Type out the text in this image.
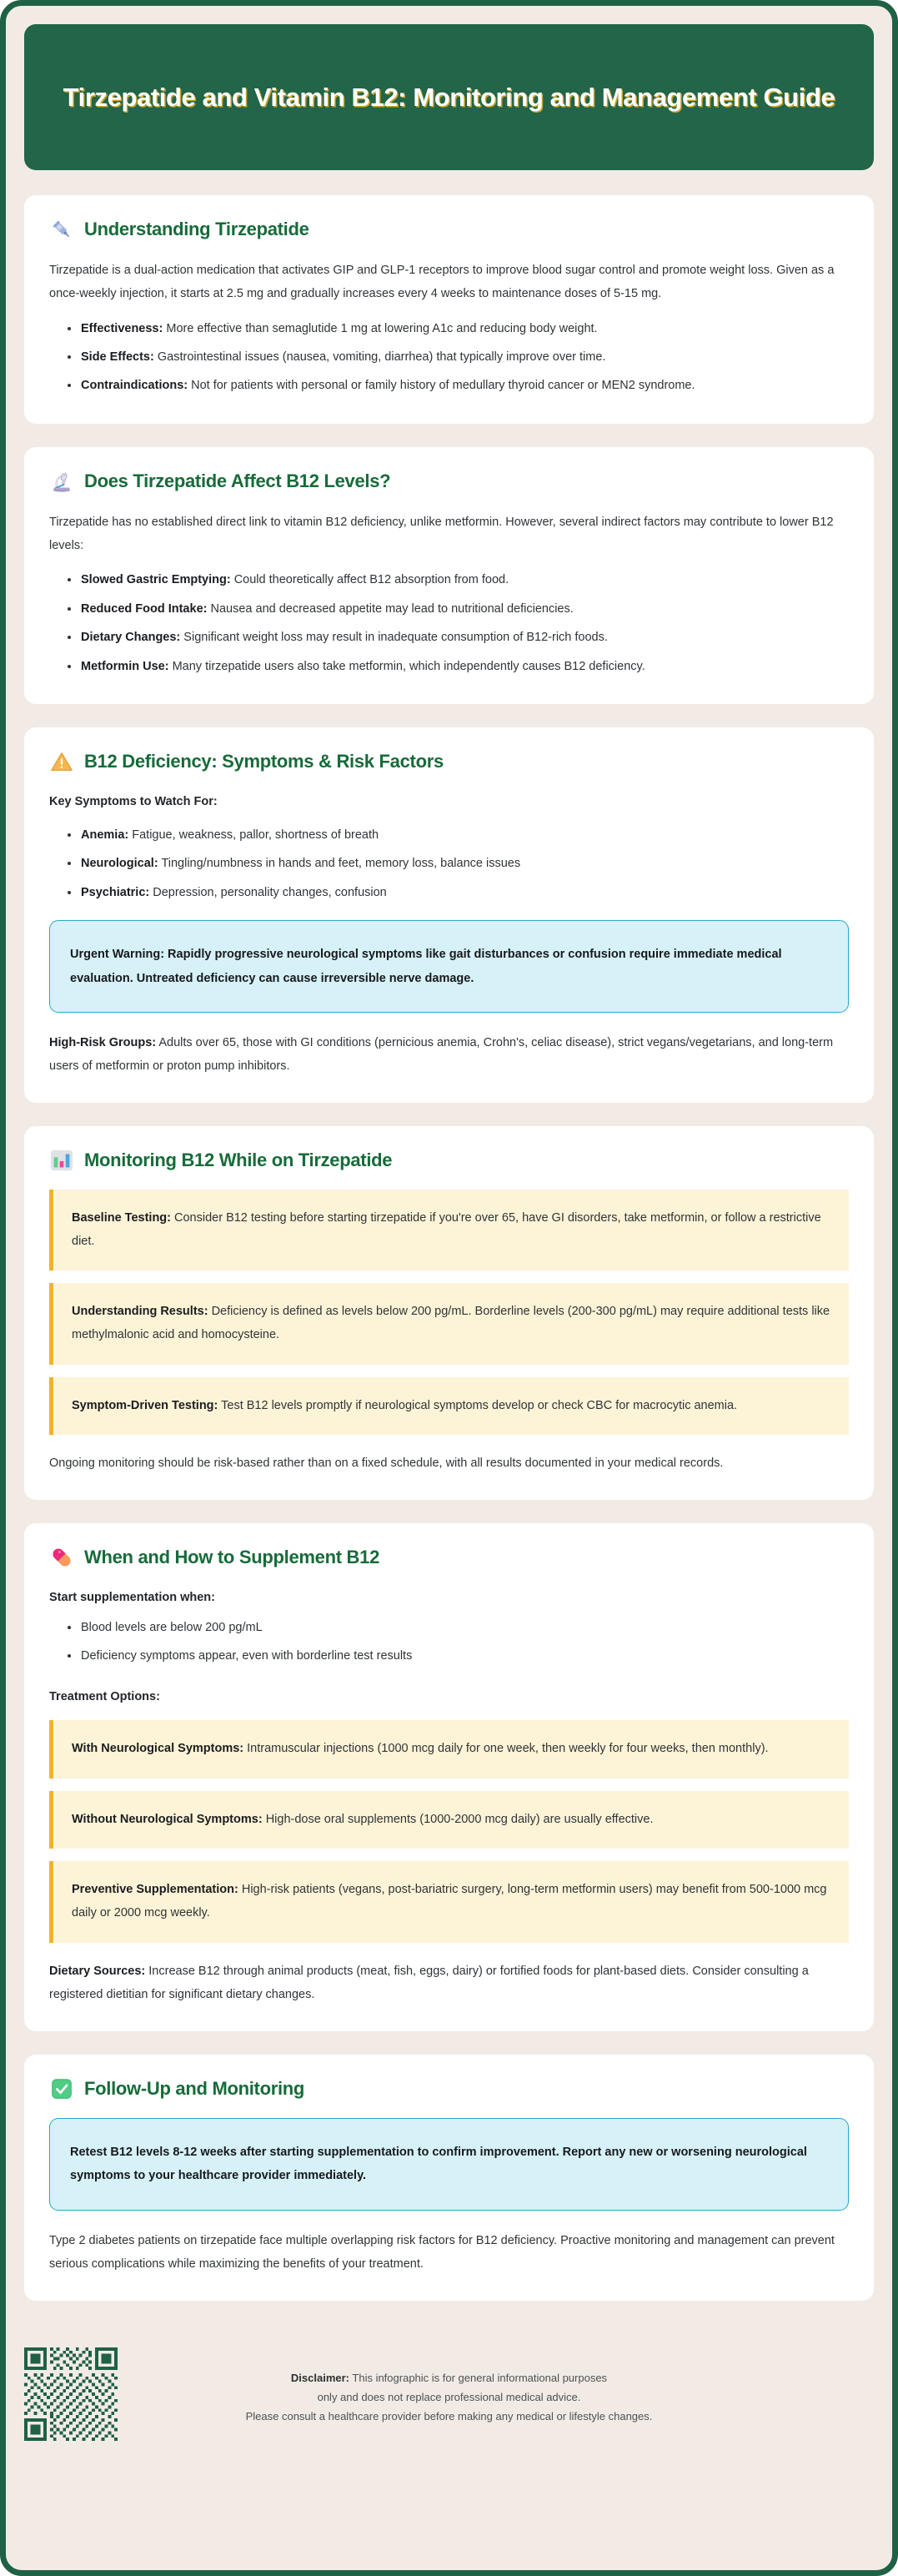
Tirzepatide and Vitamin B12: Monitoring and Management Guide
Understanding Tirzepatide

Tirzepatide is a dual-action medication that activates GIP and GLP-1 receptors to improve blood sugar control and promote weight loss. Given as a once-weekly injection, it starts at 2.5 mg and gradually increases every 4 weeks to maintenance doses of 5-15 mg.

Effectiveness: More effective than semaglutide 1 mg at lowering A1c and reducing body weight.
Side Effects: Gastrointestinal issues (nausea, vomiting, diarrhea) that typically improve over time.
Contraindications: Not for patients with personal or family history of medullary thyroid cancer or MEN2 syndrome.
Does Tirzepatide Affect B12 Levels?

Tirzepatide has no established direct link to vitamin B12 deficiency, unlike metformin. However, several indirect factors may contribute to lower B12 levels:

Slowed Gastric Emptying: Could theoretically affect B12 absorption from food.
Reduced Food Intake: Nausea and decreased appetite may lead to nutritional deficiencies.
Dietary Changes: Significant weight loss may result in inadequate consumption of B12-rich foods.
Metformin Use: Many tirzepatide users also take metformin, which independently causes B12 deficiency.
B12 Deficiency: Symptoms & Risk Factors
Key Symptoms to Watch For:
Anemia: Fatigue, weakness, pallor, shortness of breath
Neurological: Tingling/numbness in hands and feet, memory loss, balance issues
Psychiatric: Depression, personality changes, confusion
Urgent Warning: Rapidly progressive neurological symptoms like gait disturbances or confusion require immediate medical evaluation. Untreated deficiency can cause irreversible nerve damage.
High-Risk Groups: Adults over 65, those with GI conditions (pernicious anemia, Crohn's, celiac disease), strict vegans/vegetarians, and long-term users of metformin or proton pump inhibitors.
Monitoring B12 While on Tirzepatide
Baseline Testing: Consider B12 testing before starting tirzepatide if you're over 65, have GI disorders, take metformin, or follow a restrictive diet.
Understanding Results: Deficiency is defined as levels below 200 pg/mL. Borderline levels (200-300 pg/mL) may require additional tests like methylmalonic acid and homocysteine.
Symptom-Driven Testing: Test B12 levels promptly if neurological symptoms develop or check CBC for macrocytic anemia.
Ongoing monitoring should be risk-based rather than on a fixed schedule, with all results documented in your medical records.
When and How to Supplement B12
Start supplementation when:
Blood levels are below 200 pg/mL
Deficiency symptoms appear, even with borderline test results
Treatment Options:
With Neurological Symptoms: Intramuscular injections (1000 mcg daily for one week, then weekly for four weeks, then monthly).
Without Neurological Symptoms: High-dose oral supplements (1000-2000 mcg daily) are usually effective.
Preventive Supplementation: High-risk patients (vegans, post-bariatric surgery, long-term metformin users) may benefit from 500-1000 mcg daily or 2000 mcg weekly.
Dietary Sources: Increase B12 through animal products (meat, fish, eggs, dairy) or fortified foods for plant-based diets. Consider consulting a registered dietitian for significant dietary changes.
Follow-Up and Monitoring
Retest B12 levels 8-12 weeks after starting supplementation to confirm improvement. Report any new or worsening neurological symptoms to your healthcare provider immediately.
Type 2 diabetes patients on tirzepatide face multiple overlapping risk factors for B12 deficiency. Proactive monitoring and management can prevent serious complications while maximizing the benefits of your treatment.
Disclaimer: This infographic is for general informational purposes
only and does not replace professional medical advice.
Please consult a healthcare provider before making any medical or lifestyle changes.
